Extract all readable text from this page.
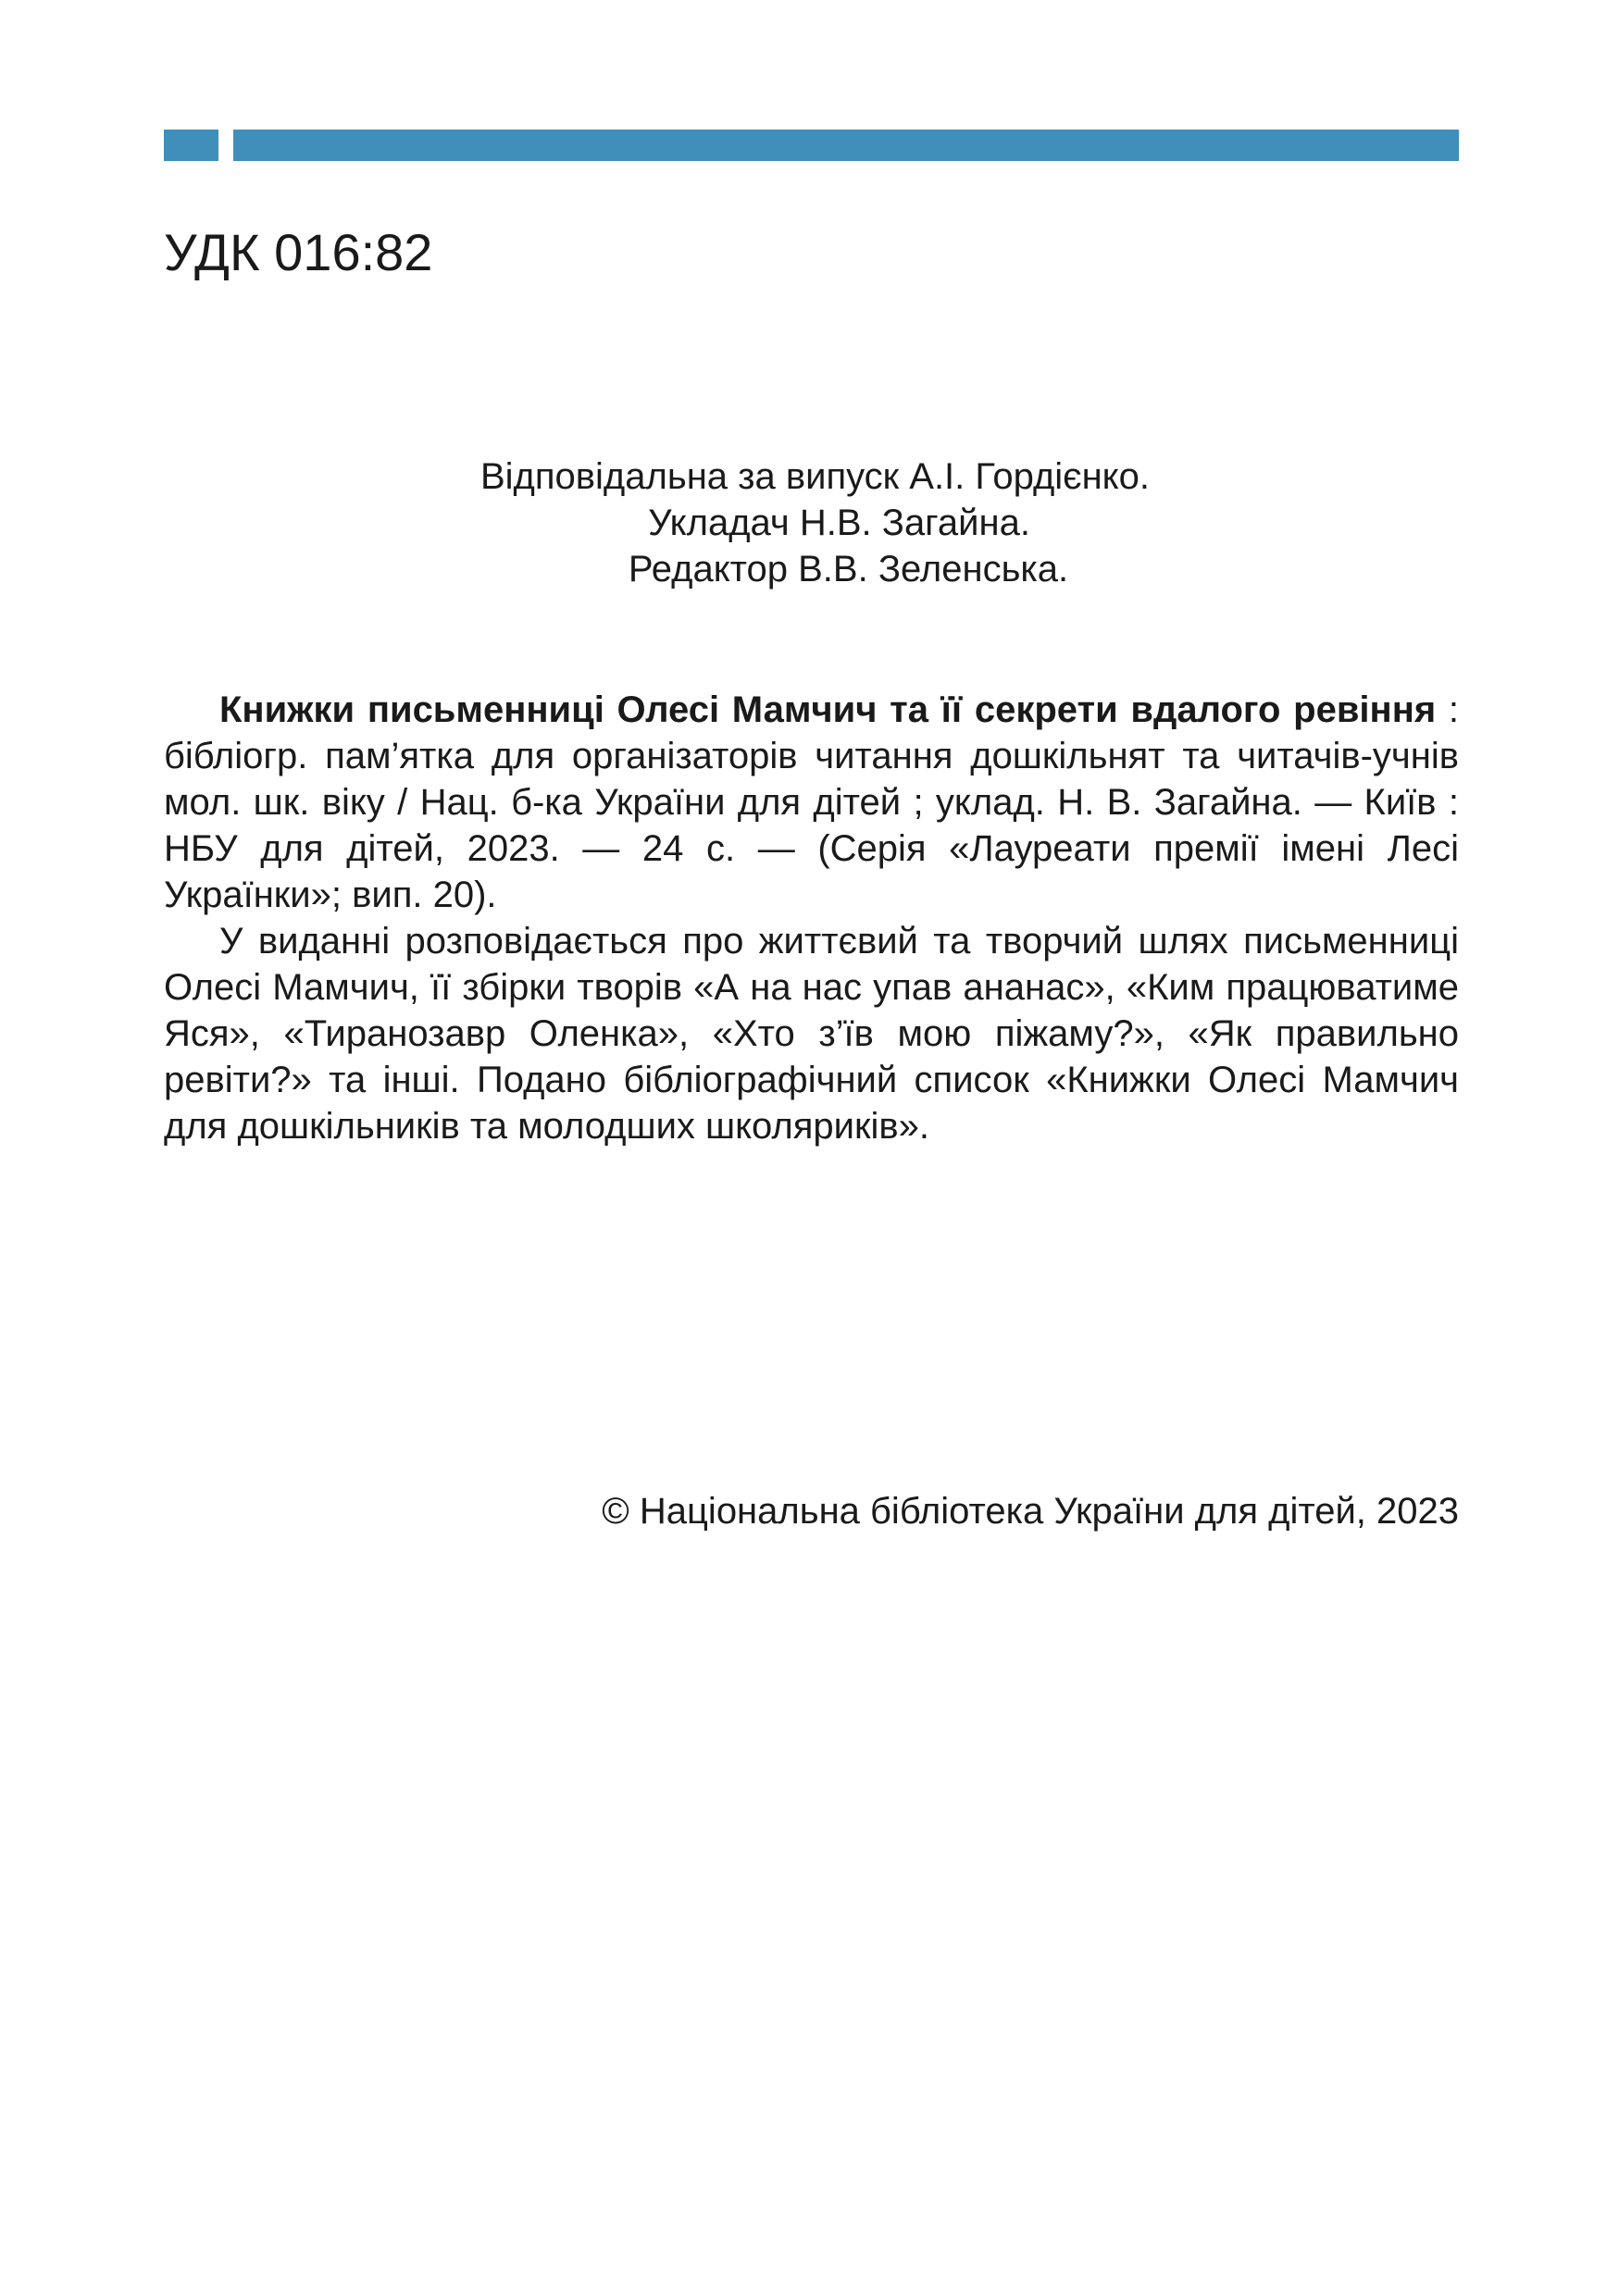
УДК 016:82
Відповідальна за випуск А.І. Гордієнко.
Укладач Н.В. Загайна.
Редактор В.В. Зеленська.

Книжки письменниці Олесі Мамчич та її секрети вдалого ревіння : бібліогр. пам’ятка для організаторів читання дошкільнят та читачів-учнів мол. шк. віку / Нац. б-ка України для дітей ; уклад. Н. В. Загайна. — Київ : НБУ для дітей, 2023. — 24 с. — (Серія «Лауреати премії імені Лесі Українки»; вип. 20).

У виданні розповідається про життєвий та творчий шлях письменниці Олесі Мамчич, її збірки творів «А на нас упав ананас», «Ким працюватиме Яся», «Тиранозавр Оленка», «Хто з’їв мою піжаму?», «Як правильно ревіти?» та інші. Подано бібліографічний список «Книжки Олесі Мамчич для дошкільників та молодших школяриків».

© Національна бібліотека України для дітей, 2023
